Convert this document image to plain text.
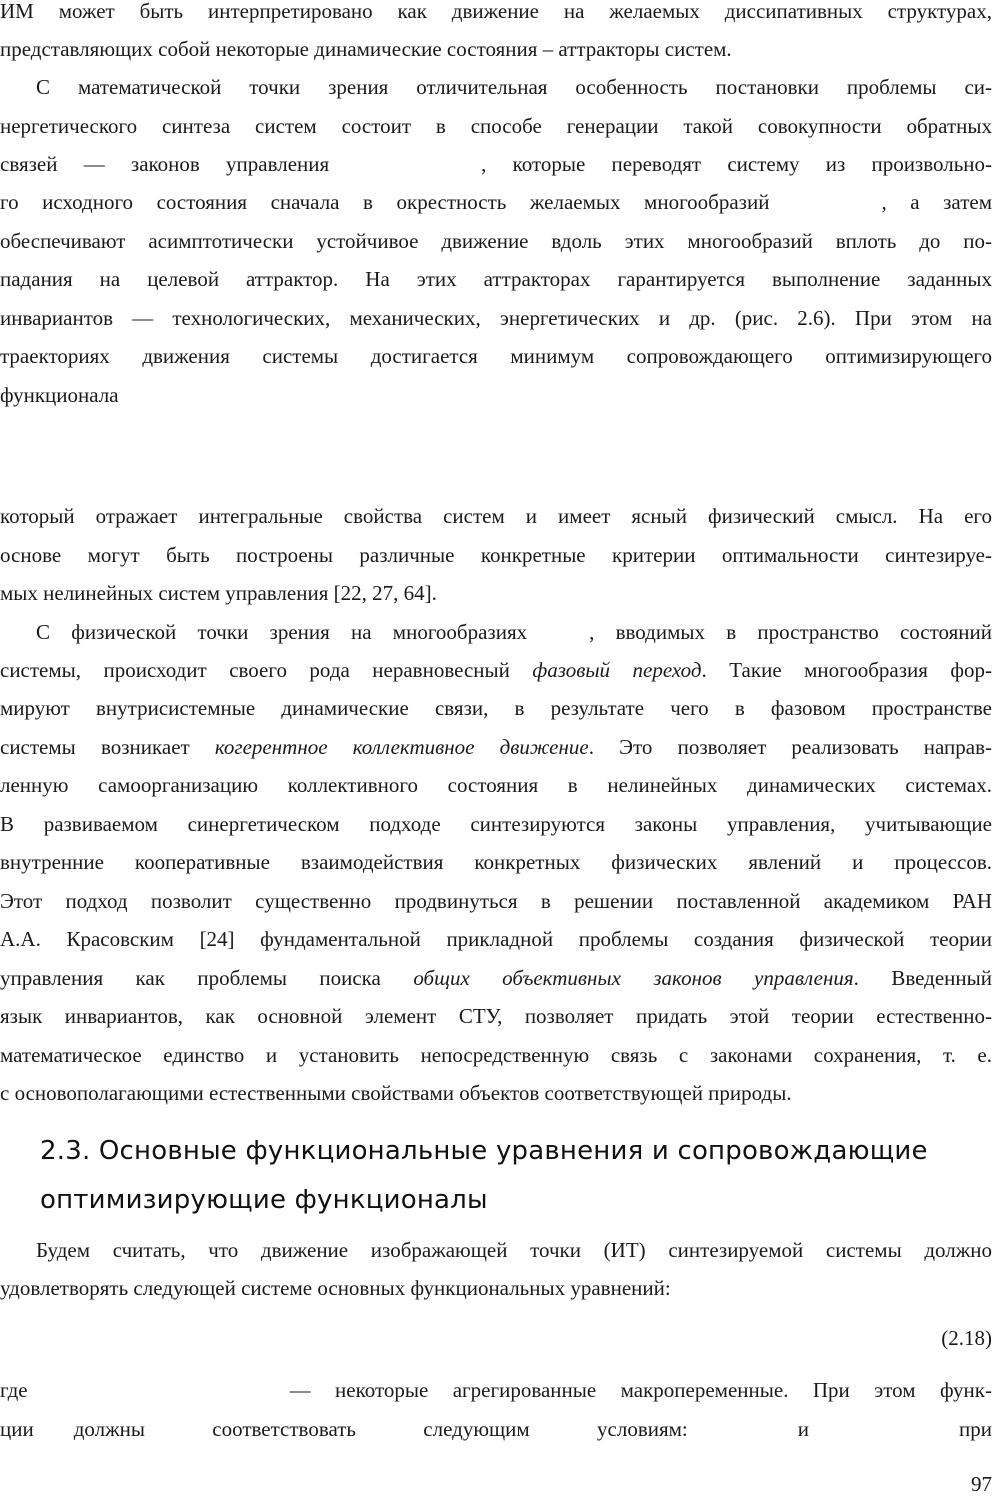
ИМ может быть интерпретировано как движение на желаемых диссипативных структурах,
представляющих собой некоторые динамические состояния – аттракторы систем.
С математической точки зрения отличительная особенность постановки проблемы си-
нергетического синтеза систем состоит в способе генерации такой совокупности обратных
связей — законов управления	, которые переводят систему из произвольно-
го исходного состояния сначала в окрестность желаемых многообразий	, а затем
обеспечивают асимптотически устойчивое движение вдоль этих многообразий вплоть до по-
падания на целевой аттрактор. На этих аттракторах гарантируется выполнение заданных
инвариантов — технологических, механических, энергетических и др. (рис. 2.6). При этом на
траекториях движения системы достигается минимум сопровождающего оптимизирующего
функционала
который отражает интегральные свойства систем и имеет ясный физический смысл. На его
основе могут быть построены различные конкретные критерии оптимальности синтезируе-
мых нелинейных систем управления [22, 27, 64].
С физической точки зрения на многообразиях	, вводимых в пространство состояний
системы, происходит своего рода неравновесный фазовый переход. Такие многообразия фор-
мируют внутрисистемные динамические связи, в результате чего в фазовом пространстве
системы возникает когерентное коллективное движение. Это позволяет реализовать направ-
ленную самоорганизацию коллективного состояния в нелинейных динамических системах.
В развиваемом синергетическом подходе синтезируются законы управления, учитывающие
внутренние кооперативные взаимодействия конкретных физических явлений и процессов.
Этот подход позволит существенно продвинуться в решении поставленной академиком РАН
А.А. Красовским [24] фундаментальной прикладной проблемы создания физической теории
управления как проблемы поиска общих объективных законов управления. Введенный
язык инвариантов, как основной элемент СТУ, позволяет придать этой теории естественно-
математическое единство и установить непосредственную связь с законами сохранения, т. е.
с основополагающими естественными свойствами объектов соответствующей природы.
2.3. Основные функциональные уравнения и сопровождающие
оптимизирующие функционалы
Будем считать, что движение изображающей точки (ИТ) синтезируемой системы должно
удовлетворять следующей системе основных функциональных уравнений:
(2.18)
где	— некоторые агрегированные макропеременные. При этом функ-
ции должны соответствовать следующим условиям:	и	при
97
